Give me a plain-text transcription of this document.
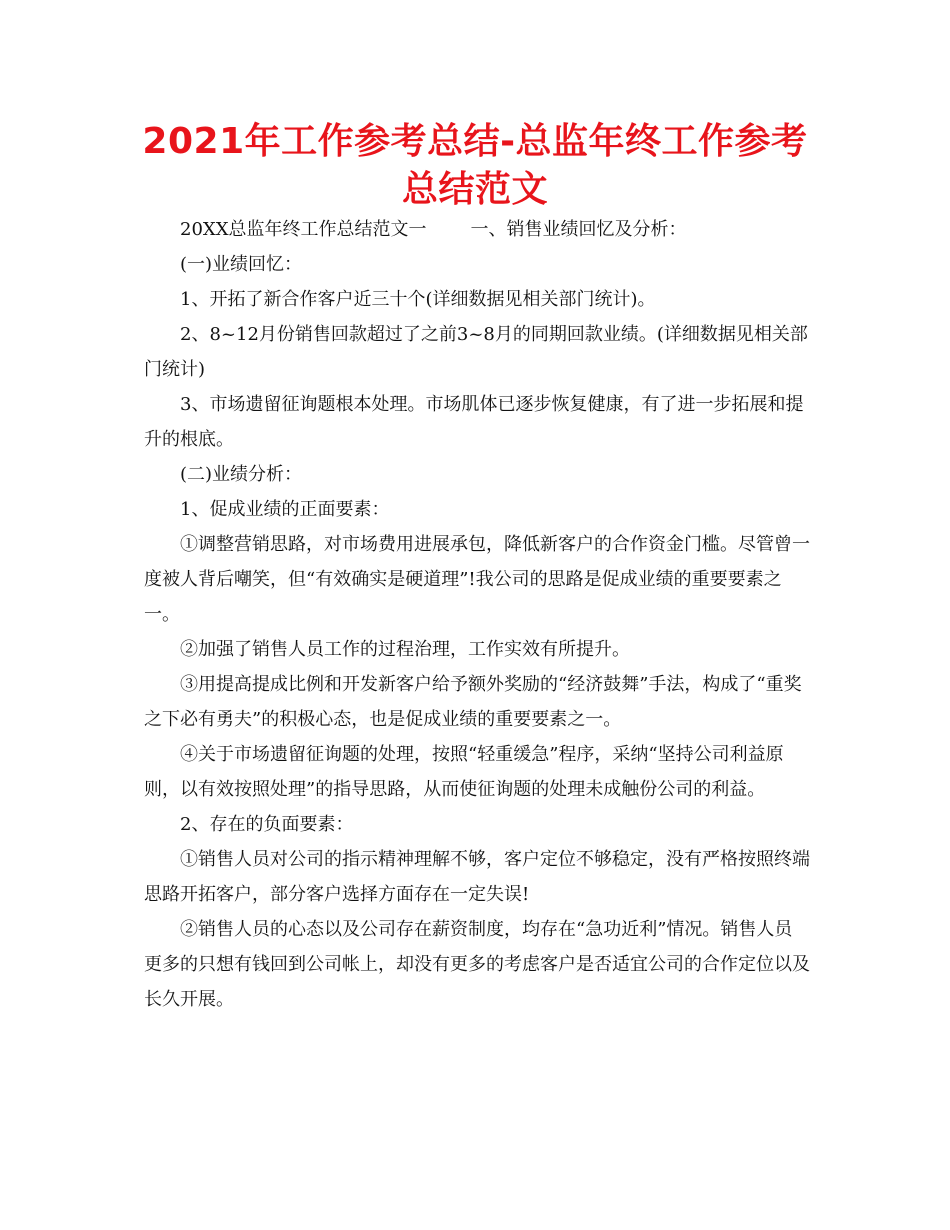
2021年工作参考总结-总监年终工作参考总结范文

20XX总监年终工作总结范文一 一、销售业绩回忆及分析：

(一)业绩回忆：

1、开拓了新合作客户近三十个(详细数据见相关部门统计)。

2、8~12月份销售回款超过了之前3~8月的同期回款业绩。(详细数据见相关部门统计)

3、市场遗留征询题根本处理。市场肌体已逐步恢复健康，有了进一步拓展和提升的根底。

(二)业绩分析：

1、促成业绩的正面要素：

①调整营销思路，对市场费用进展承包，降低新客户的合作资金门槛。尽管曾一度被人背后嘲笑，但“有效确实是硬道理”!我公司的思路是促成业绩的重要要素之一。

②加强了销售人员工作的过程治理，工作实效有所提升。

③用提高提成比例和开发新客户给予额外奖励的“经济鼓舞”手法，构成了“重奖之下必有勇夫”的积极心态，也是促成业绩的重要要素之一。

④关于市场遗留征询题的处理，按照“轻重缓急”程序，采纳“坚持公司利益原则，以有效按照处理”的指导思路，从而使征询题的处理未成触份公司的利益。

2、存在的负面要素：

①销售人员对公司的指示精神理解不够，客户定位不够稳定，没有严格按照终端思路开拓客户，部分客户选择方面存在一定失误!

②销售人员的心态以及公司存在薪资制度，均存在“急功近利”情况。销售人员更多的只想有钱回到公司帐上，却没有更多的考虑客户是否适宜公司的合作定位以及长久开展。
